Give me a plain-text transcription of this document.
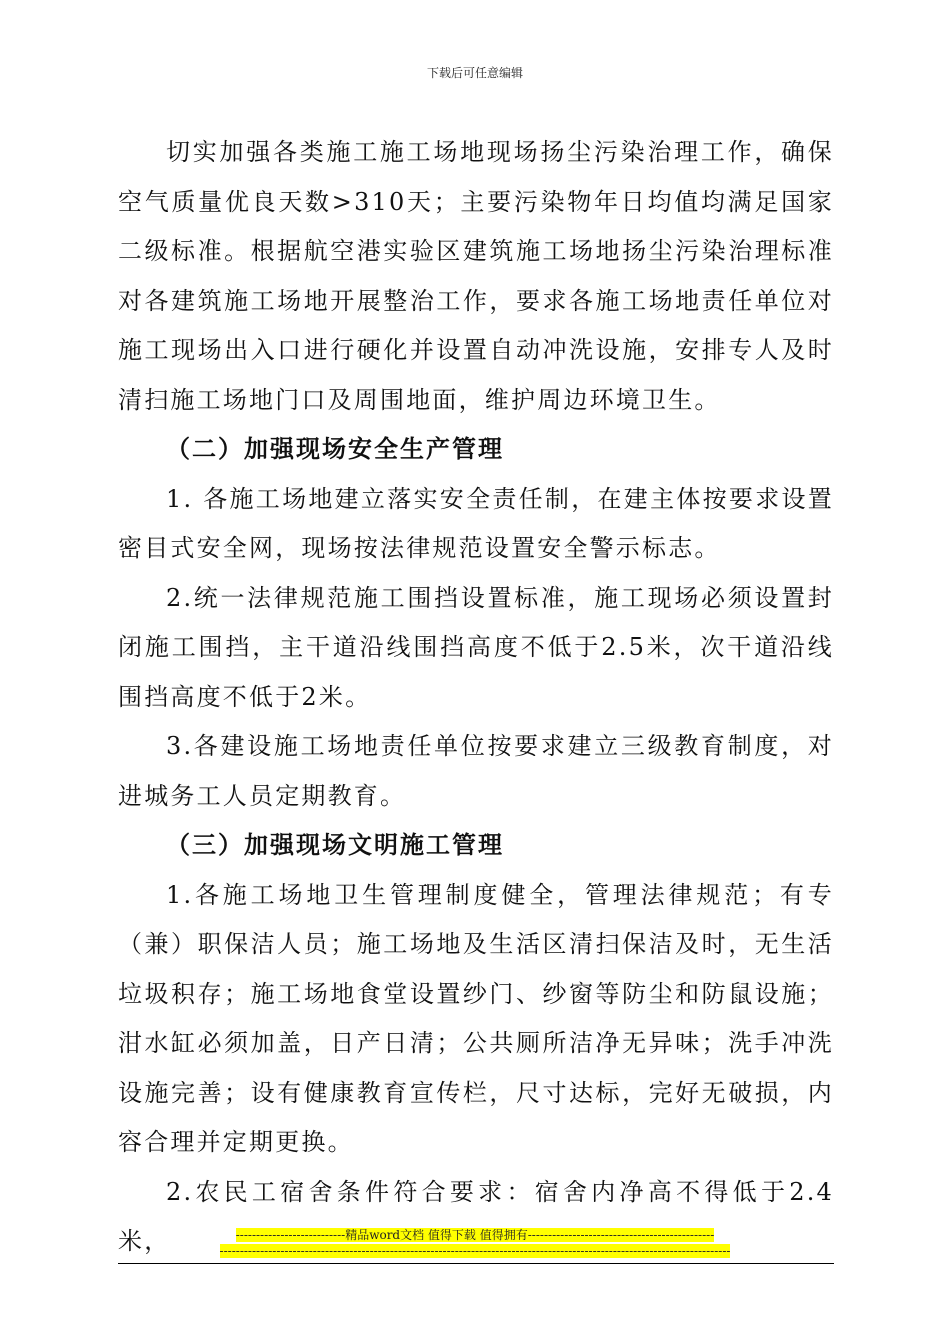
下载后可任意编辑

切实加强各类施工施工场地现场扬尘污染治理工作，确保空气质量优良天数>310天；主要污染物年日均值均满足国家二级标准。根据航空港实验区建筑施工场地扬尘污染治理标准对各建筑施工场地开展整治工作，要求各施工场地责任单位对施工现场出入口进行硬化并设置自动冲洗设施，安排专人及时清扫施工场地门口及周围地面，维护周边环境卫生。

（二）加强现场安全生产管理

1. 各施工场地建立落实安全责任制，在建主体按要求设置密目式安全网，现场按法律规范设置安全警示标志。

2.统一法律规范施工围挡设置标准，施工现场必须设置封闭施工围挡，主干道沿线围挡高度不低于2.5米，次干道沿线围挡高度不低于2米。

3.各建设施工场地责任单位按要求建立三级教育制度，对进城务工人员定期教育。

（三）加强现场文明施工管理

1.各施工场地卫生管理制度健全，管理法律规范；有专（兼）职保洁人员；施工场地及生活区清扫保洁及时，无生活垃圾积存；施工场地食堂设置纱门、纱窗等防尘和防鼠设施；泔水缸必须加盖，日产日清；公共厕所洁净无异味；洗手冲洗设施完善；设有健康教育宣传栏，尺寸达标，完好无破损，内容合理并定期更换。

2.农民工宿舍条件符合要求：宿舍内净高不得低于2.4米，	---------------------------精品word文档 值得下载 值得拥有----------------------------------------------
------------------------------------------------------------------------------------------------------------------------------
